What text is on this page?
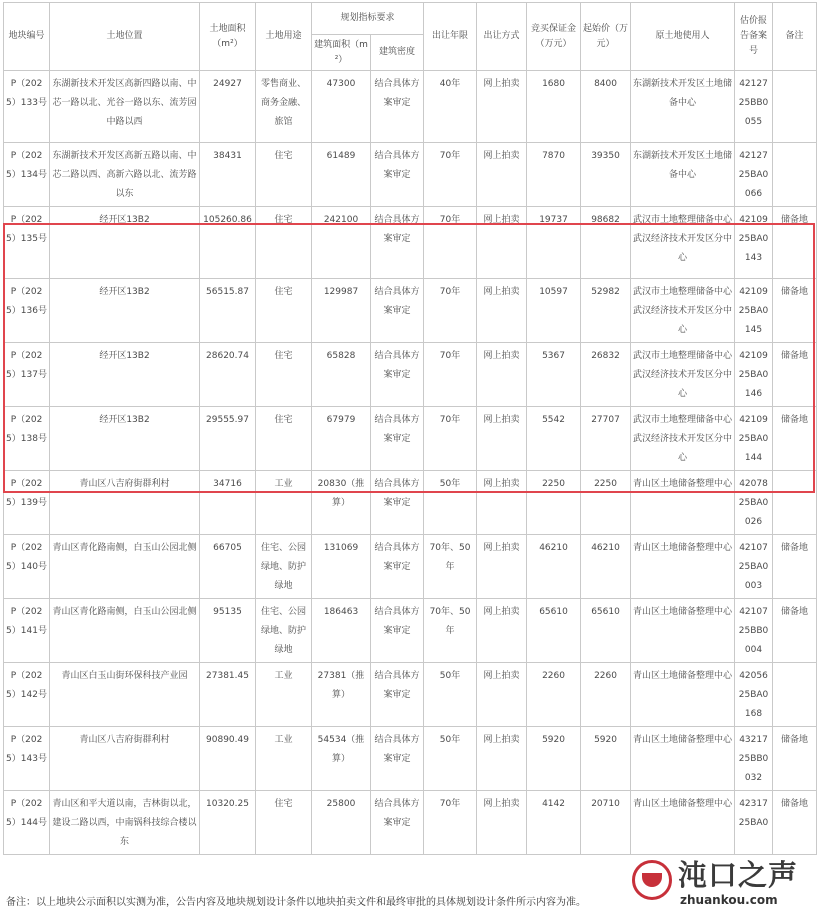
地块编号	土地位置	土地面积（m²）	土地用途	规划指标要求		出让年限	出让方式	竞买保证金（万元）	起始价（万元）	原土地使用人	估价报告备案号	备注
				建筑面积（m²）	建筑密度							
P（2025）133号	东湖新技术开发区高新四路以南、中芯一路以北、光谷一路以东、流芳园中路以西	24927	零售商业、商务金融、旅馆	47300	结合具体方案审定	40年	网上拍卖	1680	8400	东湖新技术开发区土地储备中心	4212725BB0055	
P（2025）134号	东湖新技术开发区高新五路以南、中芯二路以西、高新六路以北、流芳路以东	38431	住宅	61489	结合具体方案审定	70年	网上拍卖	7870	39350	东湖新技术开发区土地储备中心	4212725BA0066	
P（2025）135号	经开区13B2	105260.86	住宅	242100	结合具体方案审定	70年	网上拍卖	19737	98682	武汉市土地整理储备中心武汉经济技术开发区分中心	4210925BA0143	储备地
P（2025）136号	经开区13B2	56515.87	住宅	129987	结合具体方案审定	70年	网上拍卖	10597	52982	武汉市土地整理储备中心武汉经济技术开发区分中心	4210925BA0145	储备地
P（2025）137号	经开区13B2	28620.74	住宅	65828	结合具体方案审定	70年	网上拍卖	5367	26832	武汉市土地整理储备中心武汉经济技术开发区分中心	4210925BA0146	储备地
P（2025）138号	经开区13B2	29555.97	住宅	67979	结合具体方案审定	70年	网上拍卖	5542	27707	武汉市土地整理储备中心武汉经济技术开发区分中心	4210925BA0144	储备地
P（2025）139号	青山区八吉府街群利村	34716	工业	20830（推算）	结合具体方案审定	50年	网上拍卖	2250	2250	青山区土地储备整理中心	4207825BA0026	
P（2025）140号	青山区青化路南侧，白玉山公园北侧	66705	住宅、公园绿地、防护绿地	131069	结合具体方案审定	70年、50年	网上拍卖	46210	46210	青山区土地储备整理中心	4210725BA0003	储备地
P（2025）141号	青山区青化路南侧，白玉山公园北侧	95135	住宅、公园绿地、防护绿地	186463	结合具体方案审定	70年、50年	网上拍卖	65610	65610	青山区土地储备整理中心	4210725BB0004	储备地
P（2025）142号	青山区白玉山街环保科技产业园	27381.45	工业	27381（推算）	结合具体方案审定	50年	网上拍卖	2260	2260	青山区土地储备整理中心	4205625BA0168	
P（2025）143号	青山区八吉府街群利村	90890.49	工业	54534（推算）	结合具体方案审定	50年	网上拍卖	5920	5920	青山区土地储备整理中心	4321725BB0032	储备地
P（2025）144号	青山区和平大道以南，吉林街以北，建设二路以西，中南锅科技综合楼以东	10320.25	住宅	25800	结合具体方案审定	70年	网上拍卖	4142	20710	青山区土地储备整理中心	4231725BA0	储备地
备注：以上地块公示面积以实测为准，公告内容及地块规划设计条件以地块拍卖文件和最终审批的具体规划设计条件所示内容为准。
沌口之声
zhuankou.com
